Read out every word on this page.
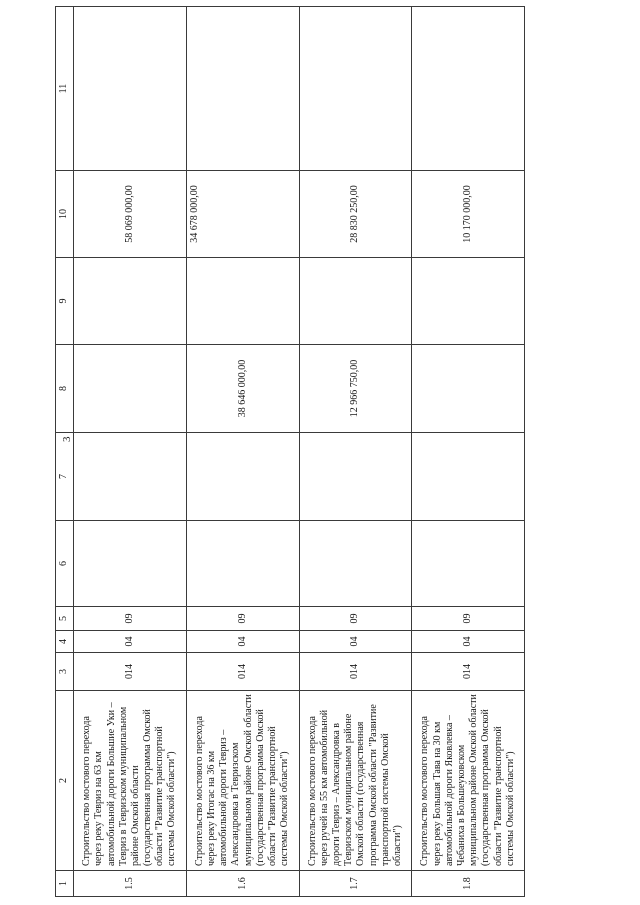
3
1	2	3	4	5	6	7	8	9	10	11
1.5	Строительство мостового перехода через реку Тевриз на 63 км автомобильной дороги Большие Уки – Тевриз в Тевризском муниципальном районе Омской области (государственная программа Омской области "Развитие транспортной системы Омской области")	014	04	09					58 069 000,00	
1.6	Строительство мостового перехода через реку Итогас на 36 км автомобильной дороги Тевриз – Александровка в Тевризском муниципальном районе Омской области (государственная программа Омской области "Развитие транспортной системы Омской области")	014	04	09			38 646 000,00		34 678 000,00	
1.7	Строительство мостового перехода через ручей на 55 км автомобильной дороги Тевриз – Александровка в Тевризском муниципальном районе Омской области (государственная программа Омской области "Развитие транспортной системы Омской области")	014	04	09			12 966 750,00		28 830 250,00	
1.8	Строительство мостового перехода через реку Большая Тава на 30 км автомобильной дороги Яковлевка – Чебаниха в Большеуковском муниципальном районе Омской области (государственная программа Омской области "Развитие транспортной системы Омской области")	014	04	09					10 170 000,00	
